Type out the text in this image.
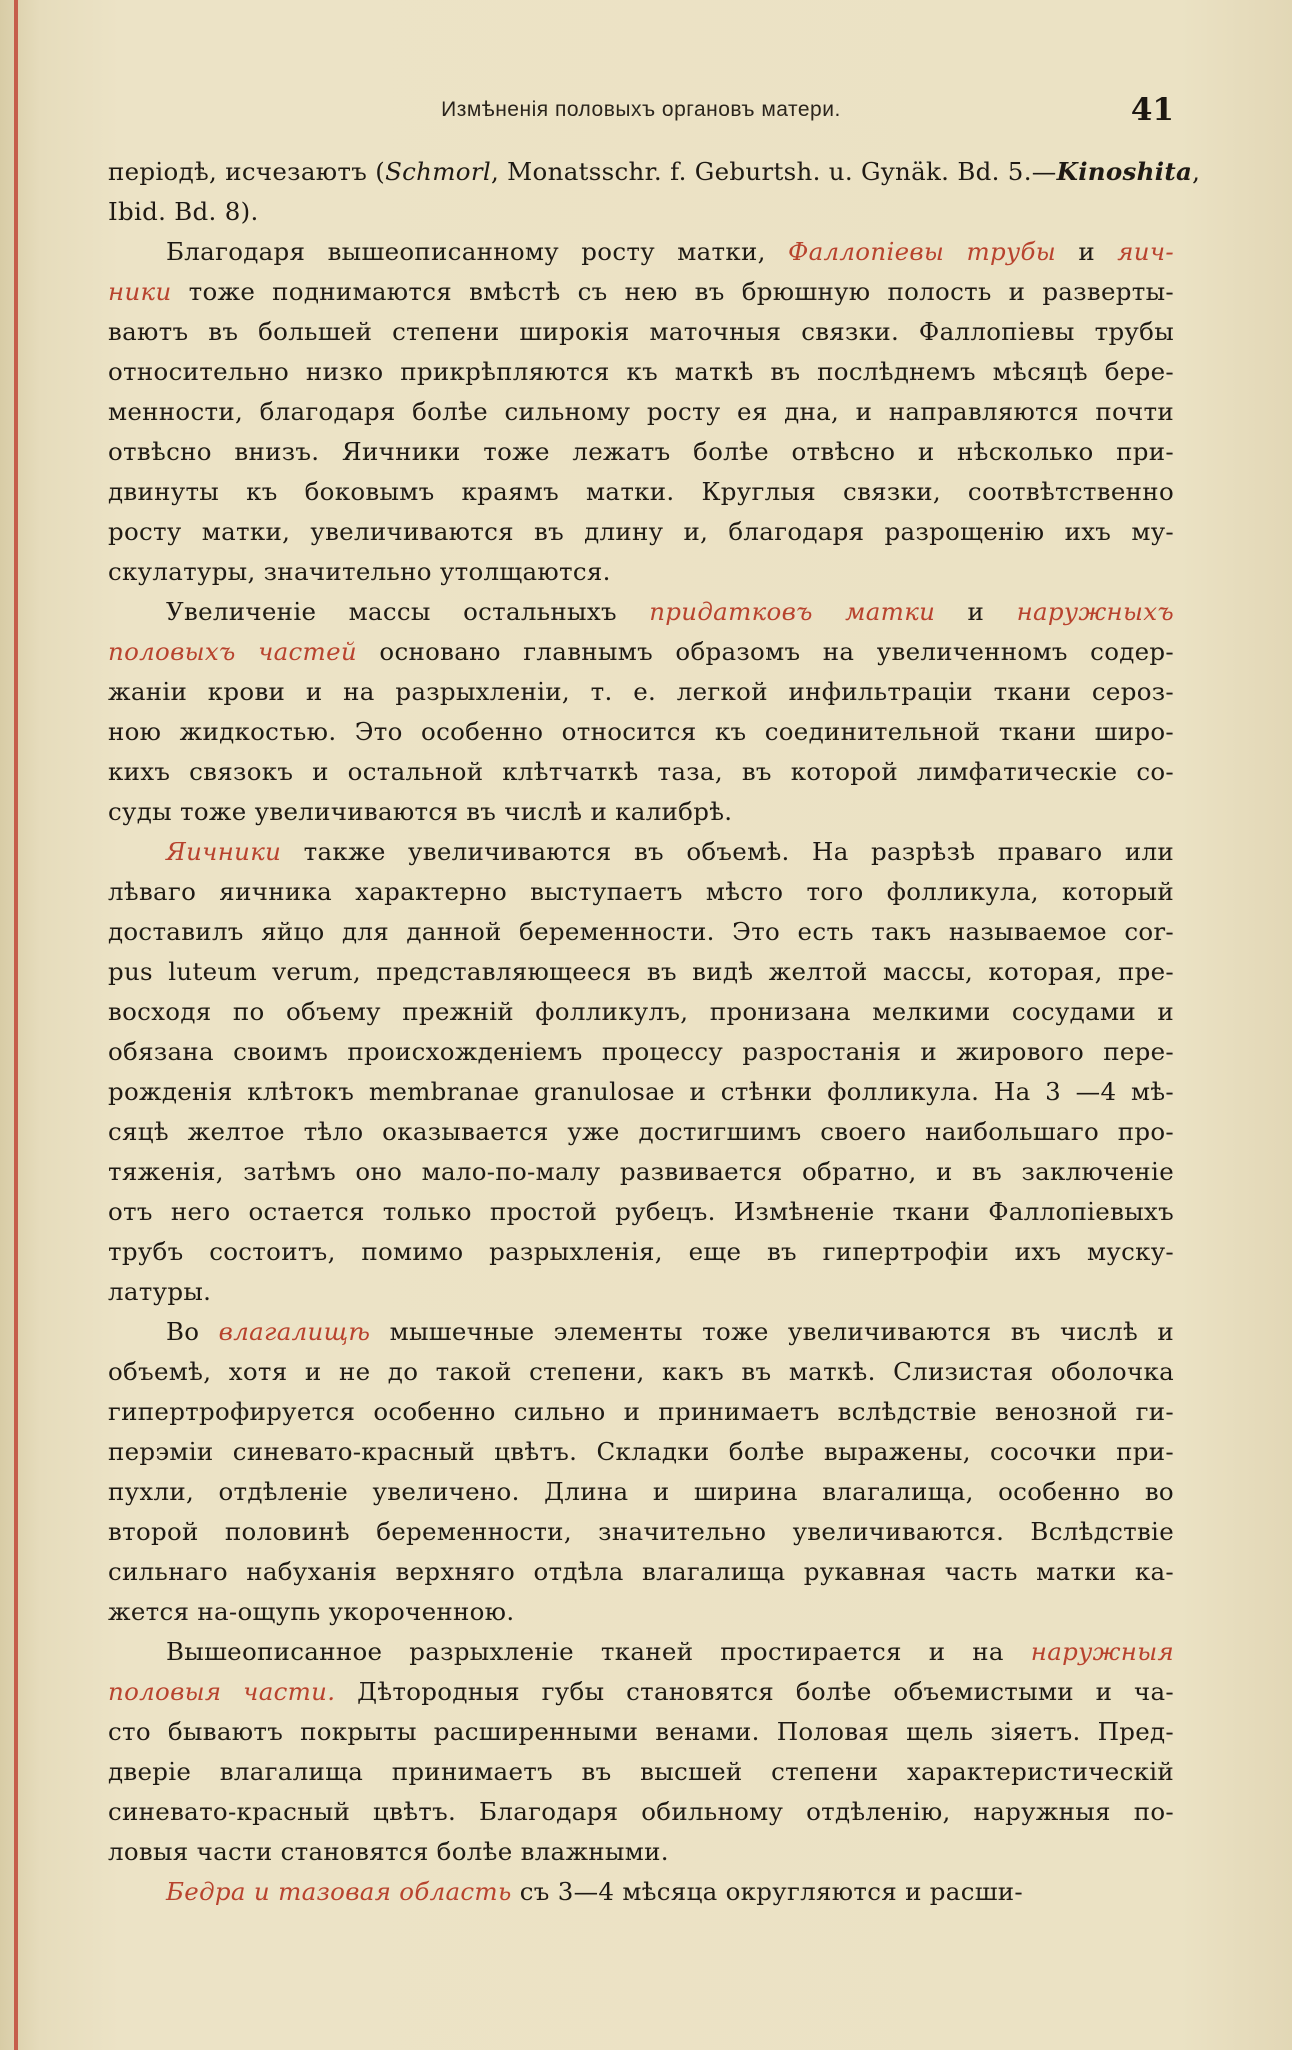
Измѣненія половыхъ органовъ матери.	41
періодѣ, исчезаютъ (Schmorl, Monatsschr. f. Geburtsh. u. Gynäk. Bd. 5.—Kinoshita,
Ibid. Bd. 8).
Благодаря вышеописанному росту матки, Фаллопіевы трубы и яич-
ники тоже поднимаются вмѣстѣ съ нею въ брюшную полость и разверты-
ваютъ въ большей степени широкія маточныя связки. Фаллопіевы трубы
относительно низко прикрѣпляются къ маткѣ въ послѣднемъ мѣсяцѣ бере-
менности, благодаря болѣе сильному росту ея дна, и направляются почти
отвѣсно внизъ. Яичники тоже лежатъ болѣе отвѣсно и нѣсколько при-
двинуты къ боковымъ краямъ матки. Круглыя связки, соотвѣтственно
росту матки, увеличиваются въ длину и, благодаря разрощенію ихъ му-
скулатуры, значительно утолщаются.
Увеличеніе массы остальныхъ придатковъ матки и наружныхъ
половыхъ частей основано главнымъ образомъ на увеличенномъ содер-
жаніи крови и на разрыхленіи, т. е. легкой инфильтраціи ткани сероз-
ною жидкостью. Это особенно относится къ соединительной ткани широ-
кихъ связокъ и остальной клѣтчаткѣ таза, въ которой лимфатическіе со-
суды тоже увеличиваются въ числѣ и калибрѣ.
Яичники также увеличиваются въ объемѣ. На разрѣзѣ праваго или
лѣваго яичника характерно выступаетъ мѣсто того фолликула, который
доставилъ яйцо для данной беременности. Это есть такъ называемое cor-
pus luteum verum, представляющееся въ видѣ желтой массы, которая, пре-
восходя по объему прежній фолликулъ, пронизана мелкими сосудами и
обязана своимъ происхожденіемъ процессу разростанія и жирового пере-
рожденія клѣтокъ membranae granulosae и стѣнки фолликула. На 3 —4 мѣ-
сяцѣ желтое тѣло оказывается уже достигшимъ своего наибольшаго про-
тяженія, затѣмъ оно мало-по-малу развивается обратно, и въ заключеніе
отъ него остается только простой рубецъ. Измѣненіе ткани Фаллопіевыхъ
трубъ состоитъ, помимо разрыхленія, еще въ гипертрофіи ихъ муску-
латуры.
Во влагалищѣ мышечные элементы тоже увеличиваются въ числѣ и
объемѣ, хотя и не до такой степени, какъ въ маткѣ. Слизистая оболочка
гипертрофируется особенно сильно и принимаетъ вслѣдствіе венозной ги-
перэміи синевато-красный цвѣтъ. Складки болѣе выражены, сосочки при-
пухли, отдѣленіе увеличено. Длина и ширина влагалища, особенно во
второй половинѣ беременности, значительно увеличиваются. Вслѣдствіе
сильнаго набуханія верхняго отдѣла влагалища рукавная часть матки ка-
жется на-ощупь укороченною.
Вышеописанное разрыхленіе тканей простирается и на наружныя
половыя части. Дѣтородныя губы становятся болѣе объемистыми и ча-
сто бываютъ покрыты расширенными венами. Половая щель зіяетъ. Пред-
дверіе влагалища принимаетъ въ высшей степени характеристическій
синевато-красный цвѣтъ. Благодаря обильному отдѣленію, наружныя по-
ловыя части становятся болѣе влажными.
Бедра и тазовая область съ 3—4 мѣсяца округляются и расши-
